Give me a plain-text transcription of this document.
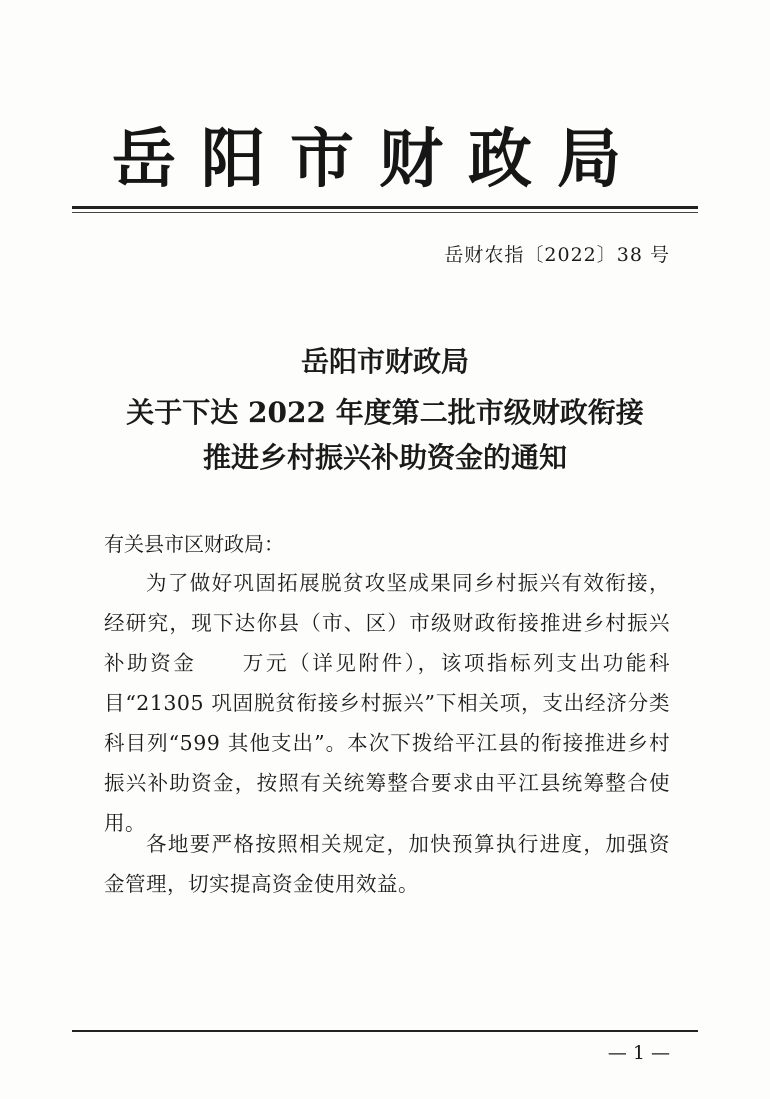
岳阳市财政局
岳财农指〔2022〕38 号
岳阳市财政局
关于下达 2022 年度第二批市级财政衔接
推进乡村振兴补助资金的通知
有关县市区财政局：
为了做好巩固拓展脱贫攻坚成果同乡村振兴有效衔接，经研究，现下达你县（市、区）市级财政衔接推进乡村振兴补助资金　　万元（详见附件），该项指标列支出功能科目“21305 巩固脱贫衔接乡村振兴”下相关项，支出经济分类科目列“599 其他支出”。本次下拨给平江县的衔接推进乡村振兴补助资金，按照有关统筹整合要求由平江县统筹整合使用。
各地要严格按照相关规定，加快预算执行进度，加强资金管理，切实提高资金使用效益。
— 1 —
